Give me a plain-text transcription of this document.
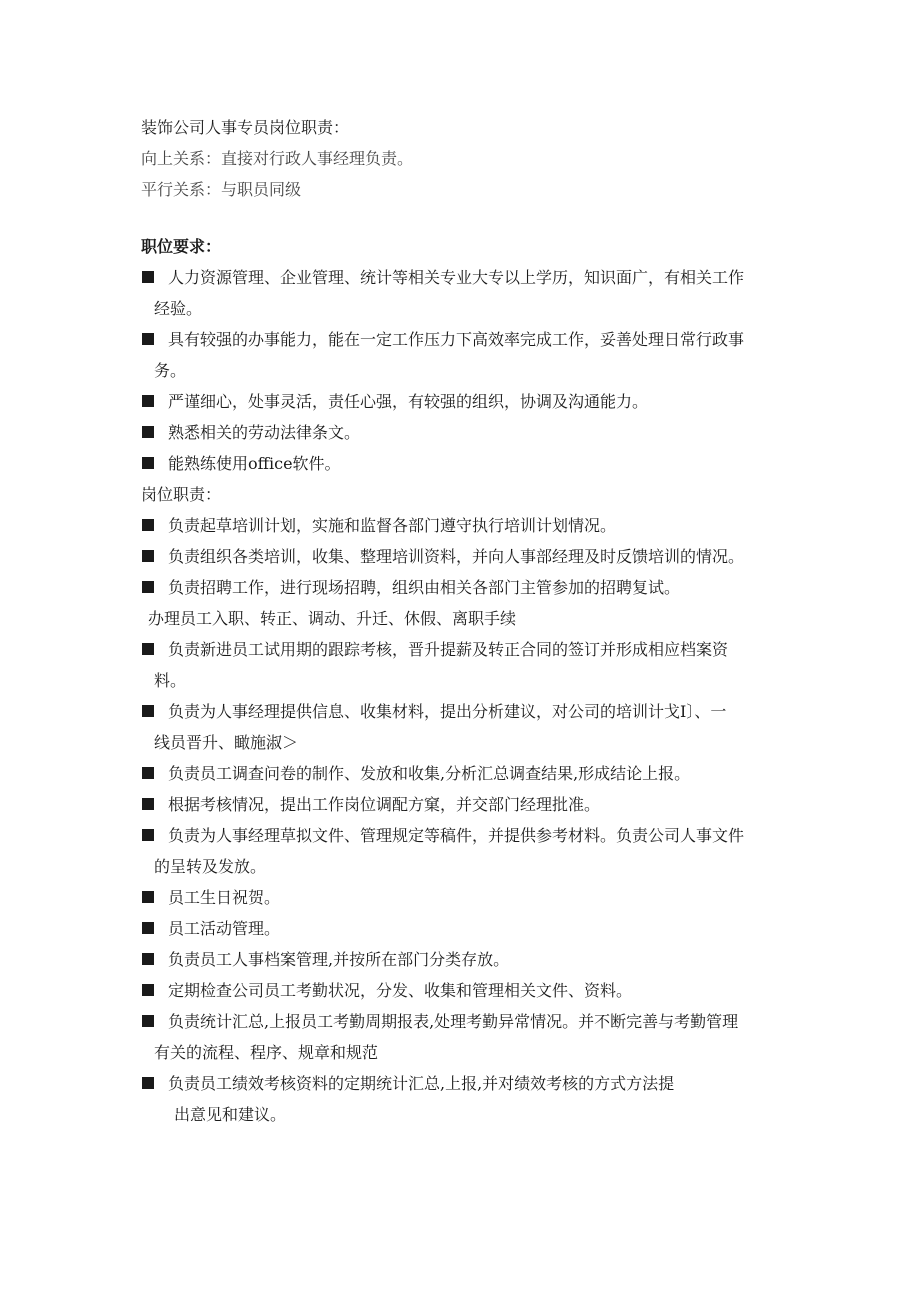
装饰公司人事专员岗位职责：
向上关系：直接对行政人事经理负责。
平行关系：与职员同级
职位要求：
人力资源管理、企业管理、统计等相关专业大专以上学历，知识面广，有相关工作
经验。
具有较强的办事能力，能在一定工作压力下高效率完成工作，妥善处理日常行政事
务。
严谨细心，处事灵活，责任心强，有较强的组织，协调及沟通能力。
熟悉相关的劳动法律条文。
能熟练使用office软件。
岗位职责：
负责起草培训计划，实施和监督各部门遵守执行培训计划情况。
负责组织各类培训，收集、整理培训资料，并向人事部经理及时反馈培训的情况。
负责招聘工作，进行现场招聘，组织由相关各部门主管参加的招聘复试。
办理员工入职、转正、调动、升迁、休假、离职手续
负责新进员工试用期的跟踪考核，晋升提薪及转正合同的签订并形成相应档案资
料。
负责为人事经理提供信息、收集材料，提出分析建议，对公司的培训计戈I〕、一
线员晋升、瞰施淑＞
负责员工调查问卷的制作、发放和收集,分析汇总调查结果,形成结论上报。
根据考核情况，提出工作岗位调配方窠，并交部门经理批准。
负责为人事经理草拟文件、管理规定等稿件，并提供参考材料。负责公司人事文件
的呈转及发放。
员工生日祝贺。
员工活动管理。
负责员工人事档案管理,并按所在部门分类存放。
定期检查公司员工考勤状况，分发、收集和管理相关文件、资料。
负责统计汇总,上报员工考勤周期报表,处理考勤异常情况。并不断完善与考勤管理
有关的流程、程序、规章和规范
负责员工绩效考核资料的定期统计汇总,上报,并对绩效考核的方式方法提
出意见和建议。
